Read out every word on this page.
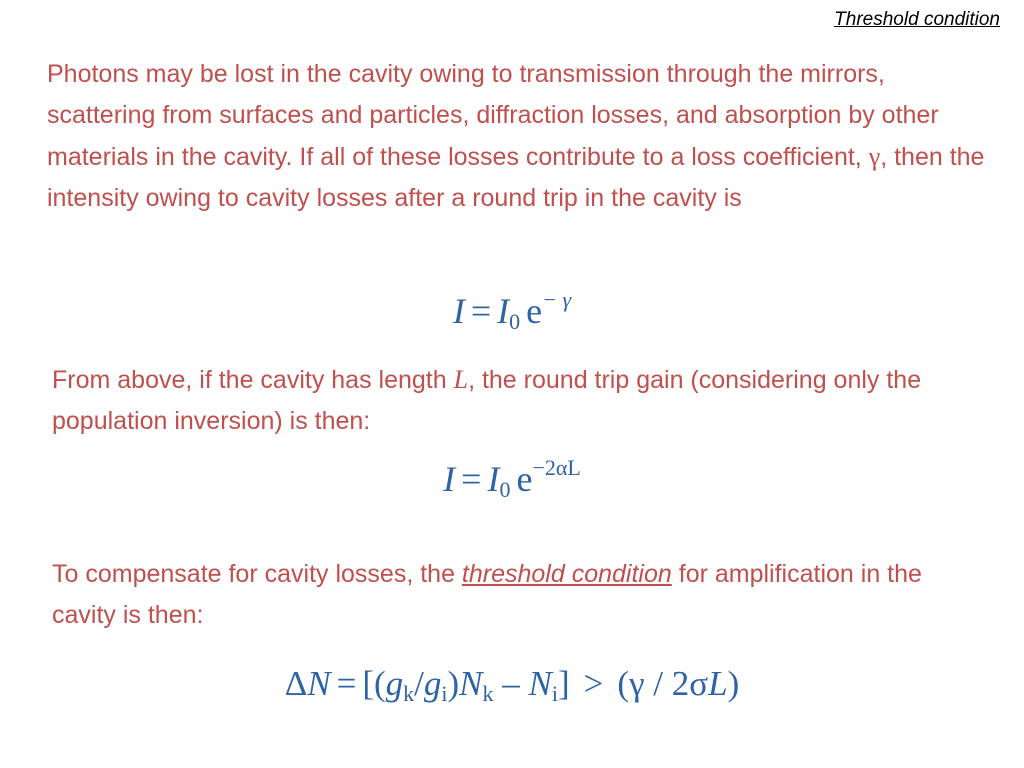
Threshold condition
Photons may be lost in the cavity owing to transmission through the mirrors, scattering from surfaces and particles, diffraction losses, and absorption by other materials in the cavity. If all of these losses contribute to a loss coefficient, γ, then the intensity owing to cavity losses after a round trip in the cavity is
$I = I_0$ $e^{- \gamma}$
From above, if the cavity has length L, the round trip gain (considering only the population inversion) is then:
$I = I_0$ $e^{-2\alpha L}$
To compensate for cavity losses, the threshold condition for amplification in the cavity is then:
$\Delta N = [(g_k/g_i)N_k - N_i] > (\gamma / 2\sigma L)$
